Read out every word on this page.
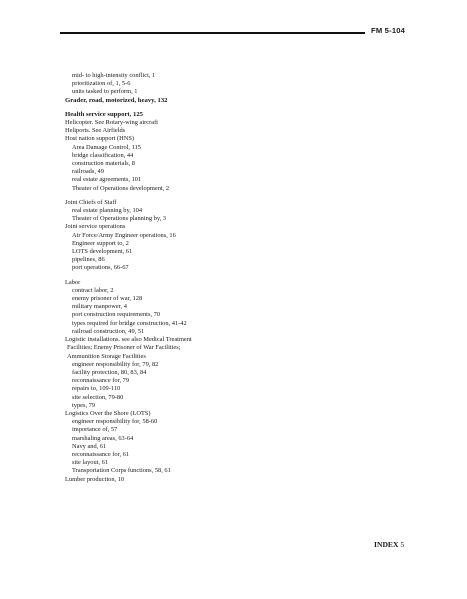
FM 5-104
mid- to high-intensity conflict, 1
prioritization of, 1, 5-6
units tasked to perform, 1
Grader, road, motorized, heavy, 132
Health service support, 125
Helicopter. See Rotary-wing aircraft
Heliports. See Airfields
Host nation support (HNS)
Area Damage Control, 115
bridge classification, 44
construction materials, 8
railroads, 49
real estate agreements, 101
Theater of Operations development, 2
Joint Chiefs of Staff
real estate planning by, 104
Theater of Operations planning by, 3
Joint service operations
Air Force/Army Engineer operations, 16
Engineer support to, 2
LOTS development, 61
pipelines, 86
port operations, 66-67
Labor
contract labor, 2
enemy prisoner of war, 128
military manpower, 4
port construction requirements, 70
types required for bridge construction, 41-42
railroad construction, 49, 51
Logistic installations. see also Medical Treatment
Facilities; Enemy Prisoner of War Facilities;
Ammunition Storage Facilities
engineer responsibility for, 79, 82
facility protection, 80, 83, 84
reconnaissance for, 79
repairs to, 109-110
site selection, 79-80
types, 79
Logistics Over the Shore (LOTS)
engineer responsibility for, 58-60
importance of, 57
marshaling areas, 63-64
Navy and, 61
reconnaissance for, 61
site layout, 61
Transportation Corps functions, 58, 61
Lumber production, 10
INDEX 5
